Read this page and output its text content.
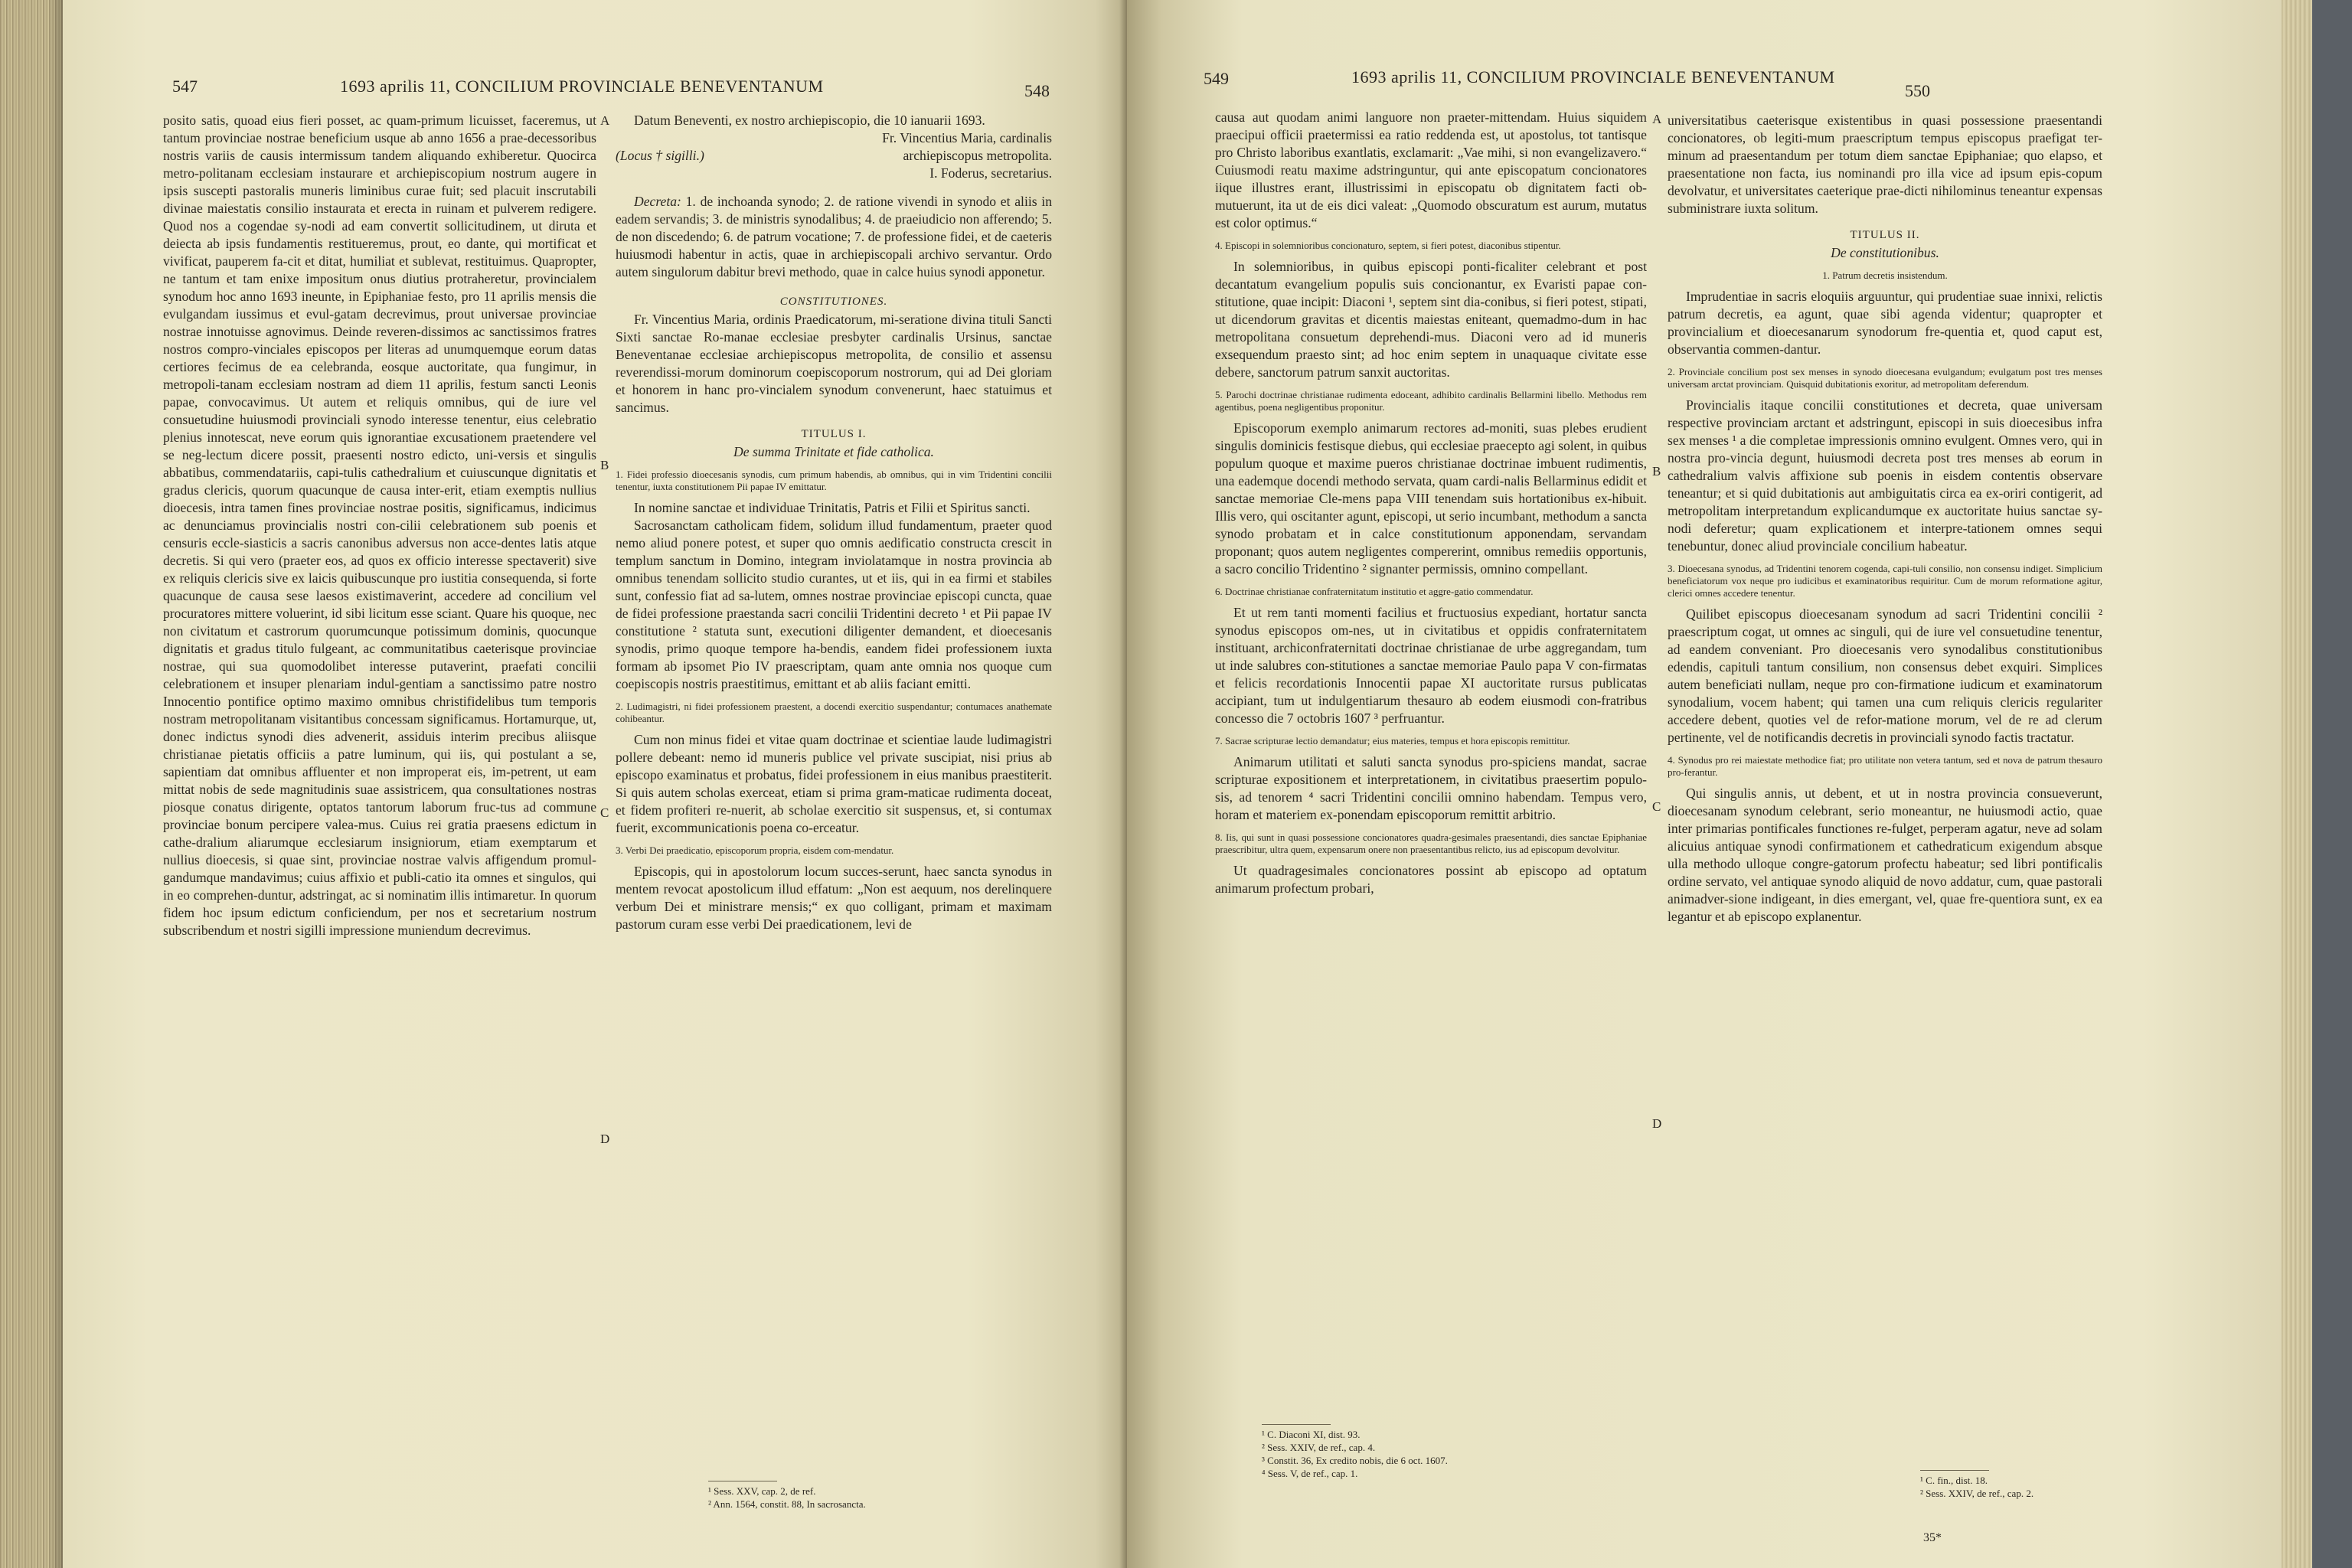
1693 aprilis 11, CONCILIUM PROVINCIALE BENEVENTANUM
547	548

posito satis, quoad eius fieri posset, ac quam-primum licuisset, faceremus, ut tantum provinciae nostrae beneficium usque ab anno 1656 a prae-decessoribus nostris variis de causis intermissum tandem aliquando exhiberetur. Quocirca metro-politanam ecclesiam instaurare et archiepiscopium nostrum augere in ipsis suscepti pastoralis muneris liminibus curae fuit; sed placuit inscrutabili divinae maiestatis consilio instaurata et erecta in ruinam et pulverem redigere. Quod nos a cogendae sy-nodi ad eam convertit sollicitudinem, ut diruta et deiecta ab ipsis fundamentis restitueremus, prout, eo dante, qui mortificat et vivificat, pauperem fa-cit et ditat, humiliat et sublevat, restituimus. Quapropter, ne tantum et tam enixe impositum onus diutius protraheretur, provincialem synodum hoc anno 1693 ineunte, in Epiphaniae festo, pro 11 aprilis mensis die evulgandam iussimus et evul-gatam decrevimus, prout universae provinciae nostrae innotuisse agnovimus. Deinde reveren-dissimos ac sanctissimos fratres nostros compro-vinciales episcopos per literas ad unumquemque eorum datas certiores fecimus de ea celebranda, eosque auctoritate, qua fungimur, in metropoli-tanam ecclesiam nostram ad diem 11 aprilis, festum sancti Leonis papae, convocavimus. Ut autem et reliquis omnibus, qui de iure vel consuetudine huiusmodi provinciali synodo interesse tenentur, eius celebratio plenius innotescat, neve eorum quis ignorantiae excusationem praetendere vel se neg-lectum dicere possit, praesenti nostro edicto, uni-versis et singulis abbatibus, commendatariis, capi-tulis cathedralium et cuiuscunque dignitatis et gradus clericis, quorum quacunque de causa inter-erit, etiam exemptis nullius dioecesis, intra tamen fines provinciae nostrae positis, significamus, indicimus ac denunciamus provincialis nostri con-cilii celebrationem sub poenis et censuris eccle-siasticis a sacris canonibus adversus non acce-dentes latis atque decretis. Si qui vero (praeter eos, ad quos ex officio interesse spectaverit) sive ex reliquis clericis sive ex laicis quibuscunque pro iustitia consequenda, si forte quacunque de causa sese laesos existimaverint, accedere ad concilium vel procuratores mittere voluerint, id sibi licitum esse sciant. Quare his quoque, nec non civitatum et castrorum quorumcunque potissimum dominis, quocunque dignitatis et gradus titulo fulgeant, ac communitatibus caeterisque provinciae nostrae, qui sua quomodolibet interesse putaverint, praefati concilii celebrationem et insuper plenariam indul-gentiam a sanctissimo patre nostro Innocentio pontifice optimo maximo omnibus christifidelibus tum temporis nostram metropolitanam visitantibus concessam significamus. Hortamurque, ut, donec indictus synodi dies advenerit, assiduis interim precibus aliisque christianae pietatis officiis a patre luminum, qui iis, qui postulant a se, sapientiam dat omnibus affluenter et non improperat eis, im-petrent, ut eam mittat nobis de sede magnitudinis suae assistricem, qua consultationes nostras piosque conatus dirigente, optatos tantorum laborum fruc-tus ad commune provinciae bonum percipere valea-mus. Cuius rei gratia praesens edictum in cathe-dralium aliarumque ecclesiarum insigniorum, etiam exemptarum et nullius dioecesis, si quae sint, provinciae nostrae valvis affigendum promul-gandumque mandavimus; cuius affixio et publi-catio ita omnes et singulos, qui in eo comprehen-duntur, adstringat, ac si nominatim illis intimaretur. In quorum fidem hoc ipsum edictum conficiendum, per nos et secretarium nostrum subscribendum et nostri sigilli impressione muniendum decrevimus.

A
B
C
D

Datum Beneventi, ex nostro archiepiscopio, die 10 ianuarii 1693.

Fr. Vincentius Maria, cardinalis

(Locus † sigilli.)	archiepiscopus metropolita.

I. Foderus, secretarius.

Decreta: 1. de inchoanda synodo; 2. de ratione vivendi in synodo et aliis in eadem servandis; 3. de ministris synodalibus; 4. de praeiudicio non afferendo; 5. de non discedendo; 6. de patrum vocatione; 7. de professione fidei, et de caeteris huiusmodi habentur in actis, quae in archiepiscopali archivo servantur. Ordo autem singulorum dabitur brevi methodo, quae in calce huius synodi apponetur.

CONSTITUTIONES.

Fr. Vincentius Maria, ordinis Praedicatorum, mi-seratione divina tituli Sancti Sixti sanctae Ro-manae ecclesiae presbyter cardinalis Ursinus, sanctae Beneventanae ecclesiae archiepiscopus metropolita, de consilio et assensu reverendissi-morum dominorum coepiscoporum nostrorum, qui ad Dei gloriam et honorem in hanc pro-vincialem synodum convenerunt, haec statuimus et sancimus.

TITULUS I.

De summa Trinitate et fide catholica.

1. Fidei professio dioecesanis synodis, cum primum habendis, ab omnibus, qui in vim Tridentini concilii tenentur, iuxta constitutionem Pii papae IV emittatur.

In nomine sanctae et individuae Trinitatis, Patris et Filii et Spiritus sancti.

Sacrosanctam catholicam fidem, solidum illud fundamentum, praeter quod nemo aliud ponere potest, et super quo omnis aedificatio constructa crescit in templum sanctum in Domino, integram inviolatamque in nostra provincia ab omnibus tenendam sollicito studio curantes, ut et iis, qui in ea firmi et stabiles sunt, confessio fiat ad sa-lutem, omnes nostrae provinciae episcopi cuncta, quae de fidei professione praestanda sacri concilii Tridentini decreto ¹ et Pii papae IV constitutione ² statuta sunt, executioni diligenter demandent, et dioecesanis synodis, primo quoque tempore ha-bendis, eandem fidei professionem iuxta formam ab ipsomet Pio IV praescriptam, quam ante omnia nos quoque cum coepiscopis nostris praestitimus, emittant et ab aliis faciant emitti.

2. Ludimagistri, ni fidei professionem praestent, a docendi exercitio suspendantur; contumaces anathemate cohibeantur.

Cum non minus fidei et vitae quam doctrinae et scientiae laude ludimagistri pollere debeant: nemo id muneris publice vel private suscipiat, nisi prius ab episcopo examinatus et probatus, fidei professionem in eius manibus praestiterit. Si quis autem scholas exerceat, etiam si prima gram-maticae rudimenta doceat, et fidem profiteri re-nuerit, ab scholae exercitio sit suspensus, et, si contumax fuerit, excommunicationis poena co-erceatur.

3. Verbi Dei praedicatio, episcoporum propria, eisdem com-mendatur.

Episcopis, qui in apostolorum locum succes-serunt, haec sancta synodus in mentem revocat apostolicum illud effatum: „Non est aequum, nos derelinquere verbum Dei et ministrare mensis;“ ex quo colligant, primam et maximam pastorum curam esse verbi Dei praedicationem, levi de

¹ Sess. XXV, cap. 2, de ref.
² Ann. 1564, constit. 88, In sacrosancta.
549	1693 aprilis 11, CONCILIUM PROVINCIALE BENEVENTANUM
550

causa aut quodam animi languore non praeter-mittendam. Huius siquidem praecipui officii praetermissi ea ratio reddenda est, ut apostolus, tot tantisque pro Christo laboribus exantlatis, exclamarit: „Vae mihi, si non evangelizavero.“ Cuiusmodi reatu maxime adstringuntur, qui ante episcopatum concionatores iique illustres erant, illustrissimi in episcopatu ob dignitatem facti ob-mutuerunt, ita ut de eis dici valeat: „Quomodo obscuratum est aurum, mutatus est color optimus.“

4. Episcopi in solemnioribus concionaturo, septem, si fieri potest, diaconibus stipentur.

In solemnioribus, in quibus episcopi ponti-ficaliter celebrant et post decantatum evangelium populis suis concionantur, ex Evaristi papae con-stitutione, quae incipit: Diaconi ¹, septem sint dia-conibus, si fieri potest, stipati, ut dicendorum gravitas et dicentis maiestas eniteant, quemadmo-dum in hac metropolitana consuetum deprehendi-mus. Diaconi vero ad id muneris exsequendum praesto sint; ad hoc enim septem in unaquaque civitate esse debere, sanctorum patrum sanxit auctoritas.

5. Parochi doctrinae christianae rudimenta edoceant, adhibito cardinalis Bellarmini libello. Methodus rem agentibus, poena negligentibus proponitur.

Episcoporum exemplo animarum rectores ad-moniti, suas plebes erudient singulis dominicis festisque diebus, qui ecclesiae praecepto agi solent, in quibus populum quoque et maxime pueros christianae doctrinae imbuent rudimentis, una eademque docendi methodo servata, quam cardi-nalis Bellarminus edidit et sanctae memoriae Cle-mens papa VIII tenendam suis hortationibus ex-hibuit. Illis vero, qui oscitanter agunt, episcopi, ut serio incumbant, methodum a sancta synodo probatam et in calce constitutionum apponendam, servandam proponant; quos autem negligentes compererint, omnibus remediis opportunis, a sacro concilio Tridentino ² signanter permissis, omnino compellant.

6. Doctrinae christianae confraternitatum institutio et aggre-gatio commendatur.

Et ut rem tanti momenti facilius et fructuosius expediant, hortatur sancta synodus episcopos om-nes, ut in civitatibus et oppidis confraternitatem instituant, archiconfraternitati doctrinae christianae de urbe aggregandam, tum ut inde salubres con-stitutiones a sanctae memoriae Paulo papa V con-firmatas et felicis recordationis Innocentii papae XI auctoritate rursus publicatas accipiant, tum ut indulgentiarum thesauro ab eodem eiusmodi con-fratribus concesso die 7 octobris 1607 ³ perfruantur.

7. Sacrae scripturae lectio demandatur; eius materies, tempus et hora episcopis remittitur.

Animarum utilitati et saluti sancta synodus pro-spiciens mandat, sacrae scripturae expositionem et interpretationem, in civitatibus praesertim populo-sis, ad tenorem ⁴ sacri Tridentini concilii omnino habendam. Tempus vero, horam et materiem ex-ponendam episcoporum remittit arbitrio.

8. Iis, qui sunt in quasi possessione concionatores quadra-gesimales praesentandi, dies sanctae Epiphaniae praescribitur, ultra quem, expensarum onere non praesentantibus relicto, ius ad episcopum devolvitur.

Ut quadragesimales concionatores possint ab episcopo ad optatum animarum profectum probari,

A
B
C
D
¹ C. Diaconi XI, dist. 93.
² Sess. XXIV, de ref., cap. 4.
³ Constit. 36, Ex credito nobis, die 6 oct. 1607.
⁴ Sess. V, de ref., cap. 1.

universitatibus caeterisque existentibus in quasi possessione praesentandi concionatores, ob legiti-mum praescriptum tempus episcopus praefigat ter-minum ad praesentandum per totum diem sanctae Epiphaniae; quo elapso, et praesentatione non facta, ius nominandi pro illa vice ad ipsum epis-copum devolvatur, et universitates caeterique prae-dicti nihilominus teneantur expensas subministrare iuxta solitum.

TITULUS II.

De constitutionibus.

1. Patrum decretis insistendum.

Imprudentiae in sacris eloquiis arguuntur, qui prudentiae suae innixi, relictis patrum decretis, ea agunt, quae sibi agenda videntur; quapropter et provincialium et dioecesanarum synodorum fre-quentia et, quod caput est, observantia commen-dantur.

2. Provinciale concilium post sex menses in synodo dioecesana evulgandum; evulgatum post tres menses universam arctat provinciam. Quisquid dubitationis exoritur, ad metropolitam deferendum.

Provincialis itaque concilii constitutiones et decreta, quae universam respective provinciam arctant et adstringunt, episcopi in suis dioecesibus infra sex menses ¹ a die completae impressionis omnino evulgent. Omnes vero, qui in nostra pro-vincia degunt, huiusmodi decreta post tres menses ab eorum in cathedralium valvis affixione sub poenis in eisdem contentis observare teneantur; et si quid dubitationis aut ambiguitatis circa ea ex-oriri contigerit, ad metropolitam interpretandum explicandumque ex auctoritate huius sanctae sy-nodi deferetur; quam explicationem et interpre-tationem omnes sequi tenebuntur, donec aliud provinciale concilium habeatur.

3. Dioecesana synodus, ad Tridentini tenorem cogenda, capi-tuli consilio, non consensu indiget. Simplicium beneficiatorum vox neque pro iudicibus et examinatoribus requiritur. Cum de morum reformatione agitur, clerici omnes accedere tenentur.

Quilibet episcopus dioecesanam synodum ad sacri Tridentini concilii ² praescriptum cogat, ut omnes ac singuli, qui de iure vel consuetudine tenentur, ad eandem conveniant. Pro dioecesanis vero synodalibus constitutionibus edendis, capituli tantum consilium, non consensus debet exquiri. Simplices autem beneficiati nullam, neque pro con-firmatione iudicum et examinatorum synodalium, vocem habent; qui tamen una cum reliquis clericis regulariter accedere debent, quoties vel de refor-matione morum, vel de re ad clerum pertinente, vel de notificandis decretis in provinciali synodo factis tractatur.

4. Synodus pro rei maiestate methodice fiat; pro utilitate non vetera tantum, sed et nova de patrum thesauro pro-ferantur.

Qui singulis annis, ut debent, et ut in nostra provincia consueverunt, dioecesanam synodum celebrant, serio moneantur, ne huiusmodi actio, quae inter primarias pontificales functiones re-fulget, perperam agatur, neve ad solam alicuius antiquae synodi confirmationem et cathedraticum exigendum absque ulla methodo ulloque congre-gatorum profectu habeatur; sed libri pontificalis ordine servato, vel antiquae synodo aliquid de novo addatur, cum, quae pastorali animadver-sione indigeant, in dies emergant, vel, quae fre-quentiora sunt, ex ea legantur et ab episcopo explanentur.

¹ C. fin., dist. 18.
² Sess. XXIV, de ref., cap. 2.
35*
